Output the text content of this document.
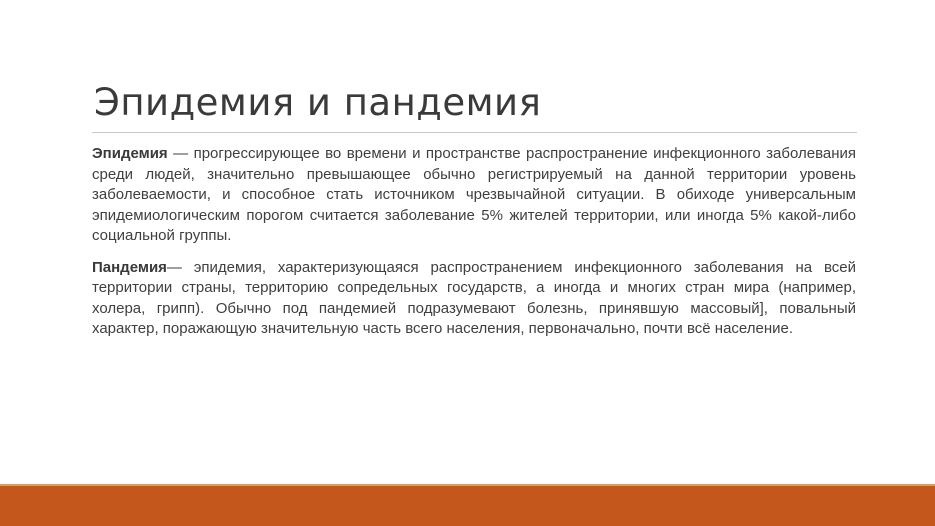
Эпидемия и пандемия

Эпидемия — прогрессирующее во времени и пространстве распространение инфекционного заболевания среди людей, значительно превышающее обычно регистрируемый на данной территории уровень заболеваемости, и способное стать источником чрезвычайной ситуации. В обиходе универсальным эпидемиологическим порогом считается заболевание 5% жителей территории, или иногда 5% какой-либо социальной группы.

Пандемия— эпидемия, характеризующаяся распространением инфекционного заболевания на всей территории страны, территорию сопредельных государств, а иногда и многих стран мира (например, холера, грипп). Обычно под пандемией подразумевают болезнь, принявшую массовый], повальный характер, поражающую значительную часть всего населения, первоначально, почти всё население.
